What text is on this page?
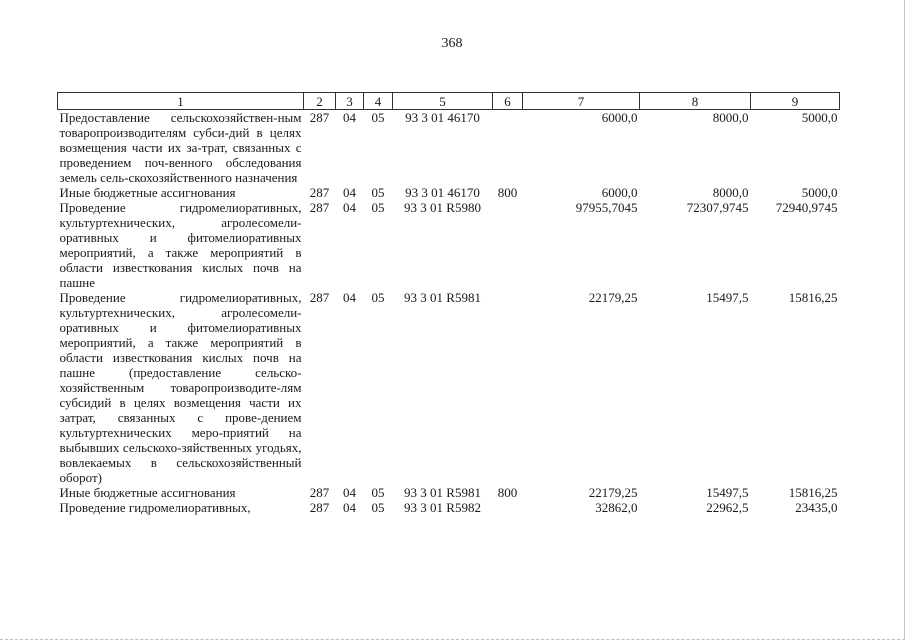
368
1	2	3	4	5	6	7	8	9
Предоставление сельскохозяйствен-ным товаропроизводителям субси-дий в целях возмещения части их за-трат, связанных с проведением поч-венного обследования земель сель-скохозяйственного назначения	287	04	05	93 3 01 46170		6000,0	8000,0	5000,0
Иные бюджетные ассигнования	287	04	05	93 3 01 46170	800	6000,0	8000,0	5000,0
Проведение гидромелиоративных, культуртехнических, агролесомели-оративных и фитомелиоративных мероприятий, а также мероприятий в области известкования кислых почв на пашне	287	04	05	93 3 01 R5980		97955,7045	72307,9745	72940,9745
Проведение гидромелиоративных, культуртехнических, агролесомели-оративных и фитомелиоративных мероприятий, а также мероприятий в области известкования кислых почв на пашне (предоставление сельско-хозяйственным товаропроизводите-лям субсидий в целях возмещения части их затрат, связанных с прове-дением культуртехнических меро-приятий на выбывших сельскохо-зяйственных угодьях, вовлекаемых в сельскохозяйственный оборот)	287	04	05	93 3 01 R5981		22179,25	15497,5	15816,25
Иные бюджетные ассигнования	287	04	05	93 3 01 R5981	800	22179,25	15497,5	15816,25
Проведение гидромелиоративных,	287	04	05	93 3 01 R5982		32862,0	22962,5	23435,0
